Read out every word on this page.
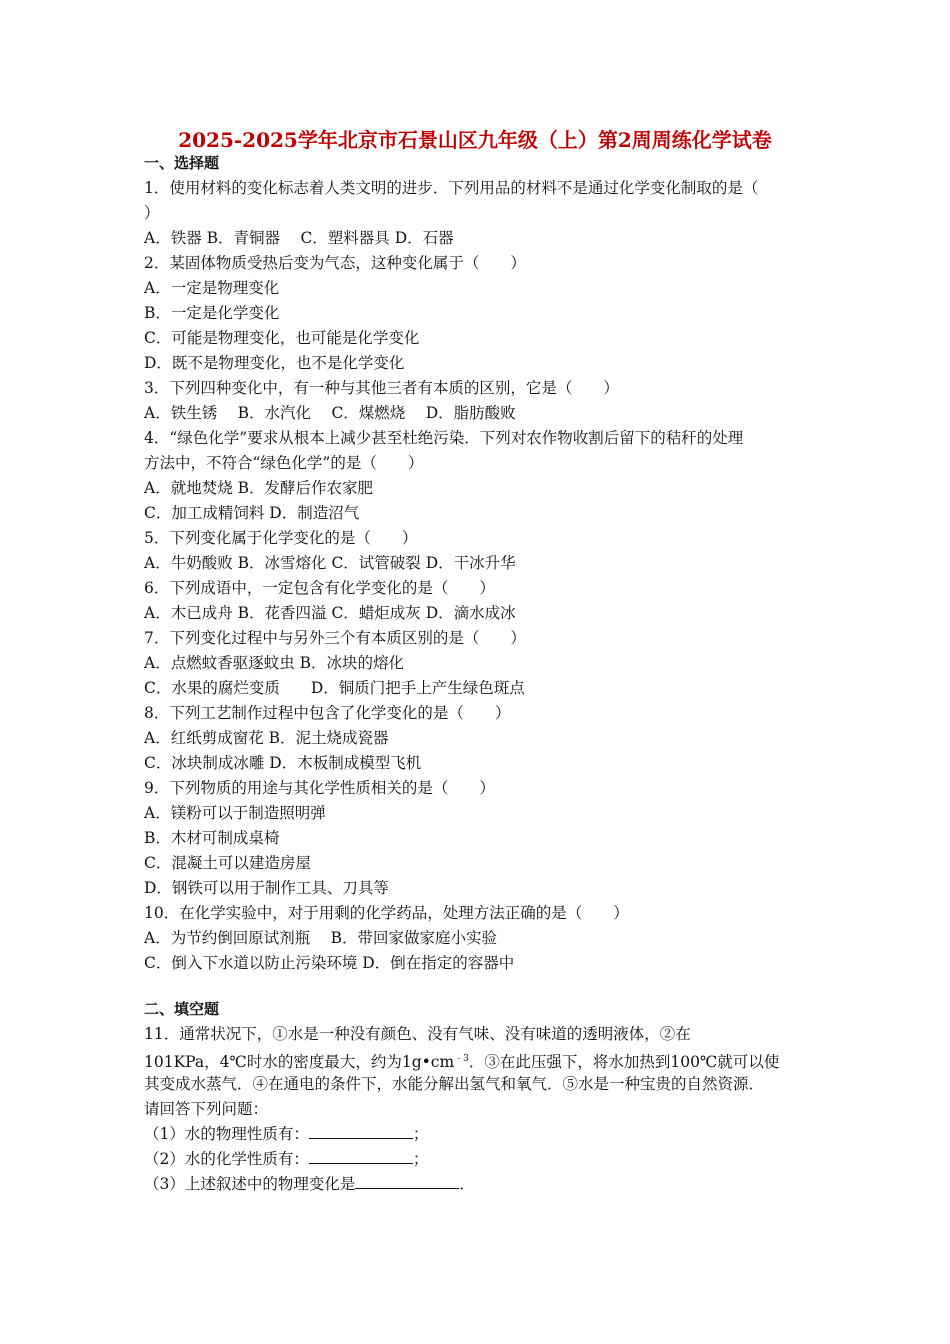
2025-2025学年北京市石景山区九年级（上）第2周周练化学试卷
一、选择题
1．使用材料的变化标志着人类文明的进步．下列用品的材料不是通过化学变化制取的是（
）
A．铁器 B．青铜器　 C．塑料器具 D．石器
2．某固体物质受热后变为气态，这种变化属于（　　）
A．一定是物理变化
B．一定是化学变化
C．可能是物理变化，也可能是化学变化
D．既不是物理变化，也不是化学变化
3．下列四种变化中，有一种与其他三者有本质的区别，它是（　　）
A．铁生锈　 B．水汽化　 C．煤燃烧　 D．脂肪酸败
4．“绿色化学”要求从根本上减少甚至杜绝污染．下列对农作物收割后留下的秸秆的处理
方法中，不符合“绿色化学”的是（　　）
A．就地焚烧 B．发酵后作农家肥
C．加工成精饲料 D．制造沼气
5．下列变化属于化学变化的是（　　）
A．牛奶酸败 B．冰雪熔化 C．试管破裂 D．干冰升华
6．下列成语中，一定包含有化学变化的是（　　）
A．木已成舟 B．花香四溢 C．蜡炬成灰 D．滴水成冰
7．下列变化过程中与另外三个有本质区别的是（　　）
A．点燃蚊香驱逐蚊虫 B．冰块的熔化
C．水果的腐烂变质　　D．铜质门把手上产生绿色斑点
8．下列工艺制作过程中包含了化学变化的是（　　）
A．红纸剪成窗花 B．泥土烧成瓷器
C．冰块制成冰雕 D．木板制成模型飞机
9．下列物质的用途与其化学性质相关的是（　　）
A．镁粉可以于制造照明弹
B．木材可制成桌椅
C．混凝土可以建造房屋
D．钢铁可以用于制作工具、刀具等
10．在化学实验中，对于用剩的化学药品，处理方法正确的是（　　）
A．为节约倒回原试剂瓶　 B．带回家做家庭小实验
C．倒入下水道以防止污染环境 D．倒在指定的容器中
二、填空题
11．通常状况下，①水是一种没有颜色、没有气味、没有味道的透明液体，②在
101KPa，4℃时水的密度最大，约为$1g•cm^{﹣3}$．③在此压强下，将水加热到100℃就可以使
其变成水蒸气．④在通电的条件下，水能分解出氢气和氧气．⑤水是一种宝贵的自然资源．
请回答下列问题：
（1）水的物理性质有：	；
（2）水的化学性质有：	；
（3）上述叙述中的物理变化是	．
